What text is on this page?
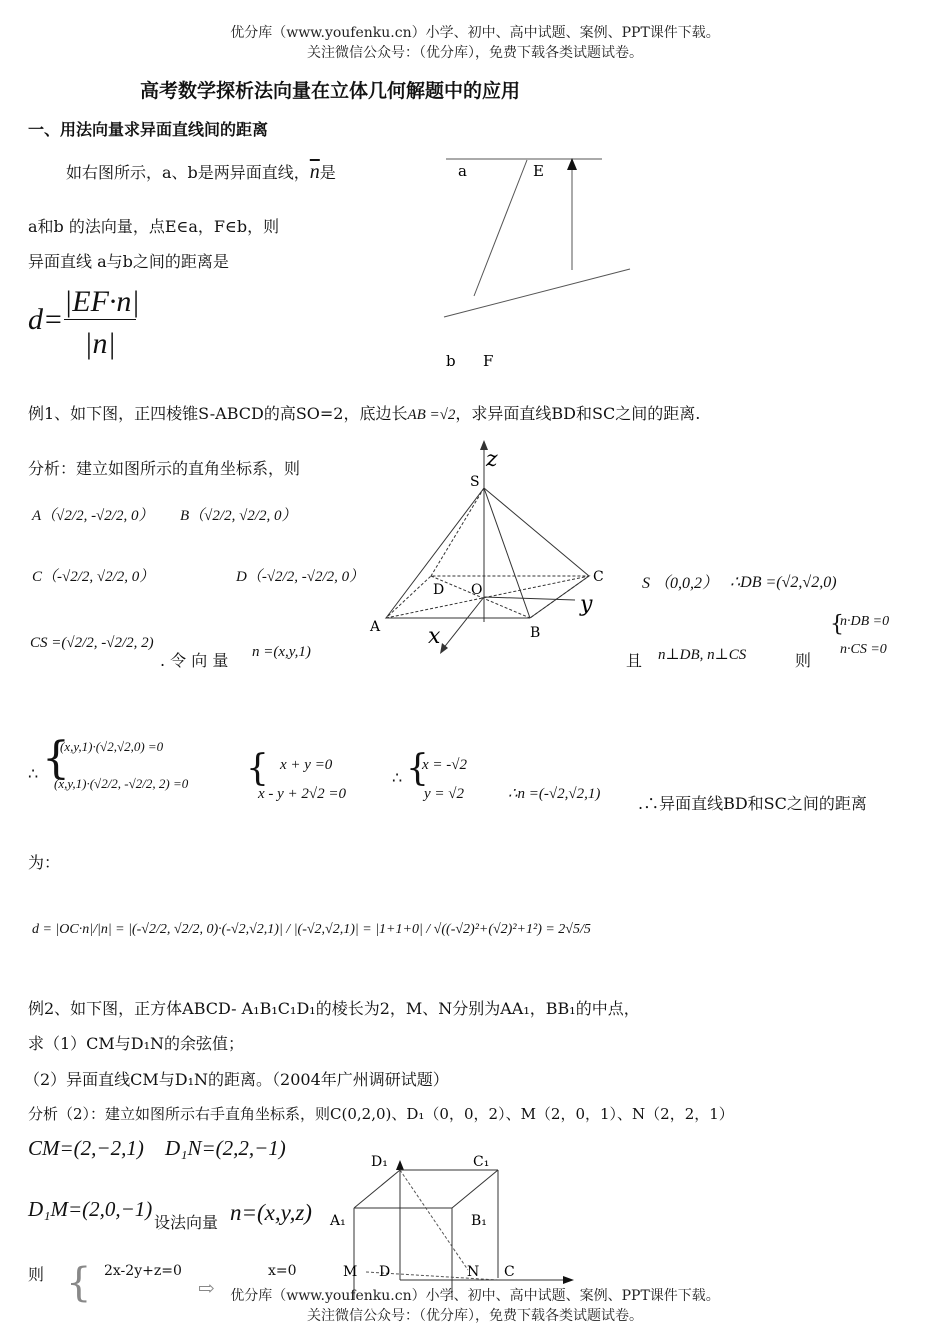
优分库（www.youfenku.cn）小学、初中、高中试题、案例、PPT课件下载。
关注微信公众号：（优分库），免费下载各类试题试卷。
高考数学探析法向量在立体几何解题中的应用
一、用法向量求异面直线间的距离
如右图所示，a、b是两异面直线，$\overline{n}$是
a和b 的法向量，点E∈a，F∈b，则
异面直线 a与b之间的距离是
d=
|EF·n|
|n|
a	E
b F
例1、如下图，正四棱锥S-ABCD的高SO=2，底边长AB =√2，求异面直线BD和SC之间的距离.
分析：建立如图所示的直角坐标系，则
A（√2/2, -√2/2, 0） B（√2/2, √2/2, 0）
C（-√2/2, √2/2, 0）	D（-√2/2, -√2/2, 0）
CS =(√2/2, -√2/2, 2)
. 令 向 量 n =(x,y,1)
S （0,0,2） ∴DB =(√2,√2,0)
且 n⊥DB, n⊥CS	则
{
n·DB =0
n·CS =0
z
S
C
D O
y
A	B
x
∴ {
(x,y,1)·(√2,√2,0) =0
(x,y,1)·(√2/2, -√2/2, 2) =0 { x + y =0
x - y + 2√2 =0
∴ {
x = -√2
y = √2	∴n =(-√2,√2,1) .∴异面直线BD和SC之间的距离
为：
d = |OC·n|/|n| = |(-√2/2, √2/2, 0)·(-√2,√2,1)| / |(-√2,√2,1)| = |1+1+0| / √((-√2)²+(√2)²+1²) = 2√5/5
例2、如下图，正方体ABCD- A₁B₁C₁D₁的棱长为2，M、N分别为AA₁，BB₁的中点，
求（1）CM与D₁N的余弦值；
（2）异面直线CM与D₁N的距离。（2004年广州调研试题）
分析（2）：建立如图所示右手直角坐标系，则C(0,2,0)、D₁（0，0，2）、M（2，0，1）、N（2，2，1）
CM=(2,−2,1) D₁N=(2,2,−1)
D₁M=(2,0,−1)
设法向量 n=(x,y,z)
则 { 2x-2y+z=0
⇨
x=0
D₁	C₁
A₁	B₁
M D	N C
优分库（www.youfenku.cn）小学、初中、高中试题、案例、PPT课件下载。
关注微信公众号：（优分库），免费下载各类试题试卷。
